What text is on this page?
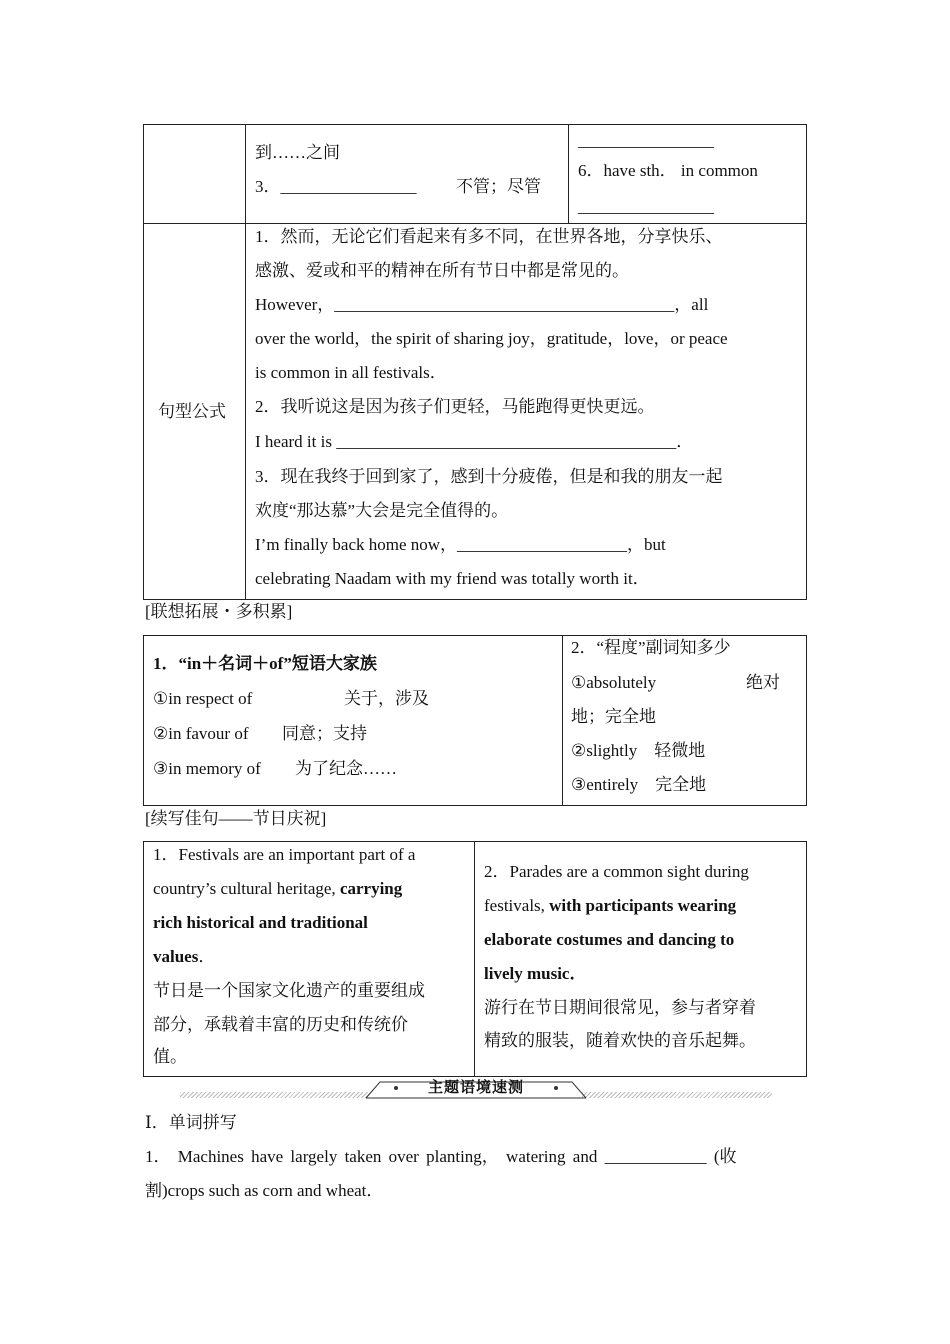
到……之间
3．________________ 不管；尽管
________________
6．have sth． in common
________________
句型公式
1．然而，无论它们看起来有多不同，在世界各地，分享快乐、
感激、爱或和平的精神在所有节日中都是常见的。
However，________________________________________，all
over the world，the spirit of sharing joy，gratitude，love，or peace
is common in all festivals．
2．我听说这是因为孩子们更轻，马能跑得更快更远。
I heard it is ________________________________________．
3．现在我终于回到家了，感到十分疲倦，但是和我的朋友一起
欢度“那达慕”大会是完全值得的。
I’m finally back home now，____________________，but
celebrating Naadam with my friend was totally worth it．
[联想拓展・多积累]
1．“in＋名词＋of”短语大家族
①in respect of	关于，涉及
②in favour of 同意；支持
③in memory of 为了纪念……
2．“程度”副词知多少
①absolutely	绝对
地；完全地
②slightly　轻微地
③entirely　完全地
[续写佳句——节日庆祝]
1．Festivals are an important part of a
country’s cultural heritage, carrying
rich historical and traditional
values．
节日是一个国家文化遗产的重要组成
部分，承载着丰富的历史和传统价
值。
2．Parades are a common sight during
festivals, with participants wearing
elaborate costumes and dancing to
lively music．
游行在节日期间很常见，参与者穿着
精致的服装，随着欢快的音乐起舞。
主题语境速测
Ⅰ．单词拼写
1． Machines have largely taken over planting， watering and ____________ (收
割)crops such as corn and wheat．
